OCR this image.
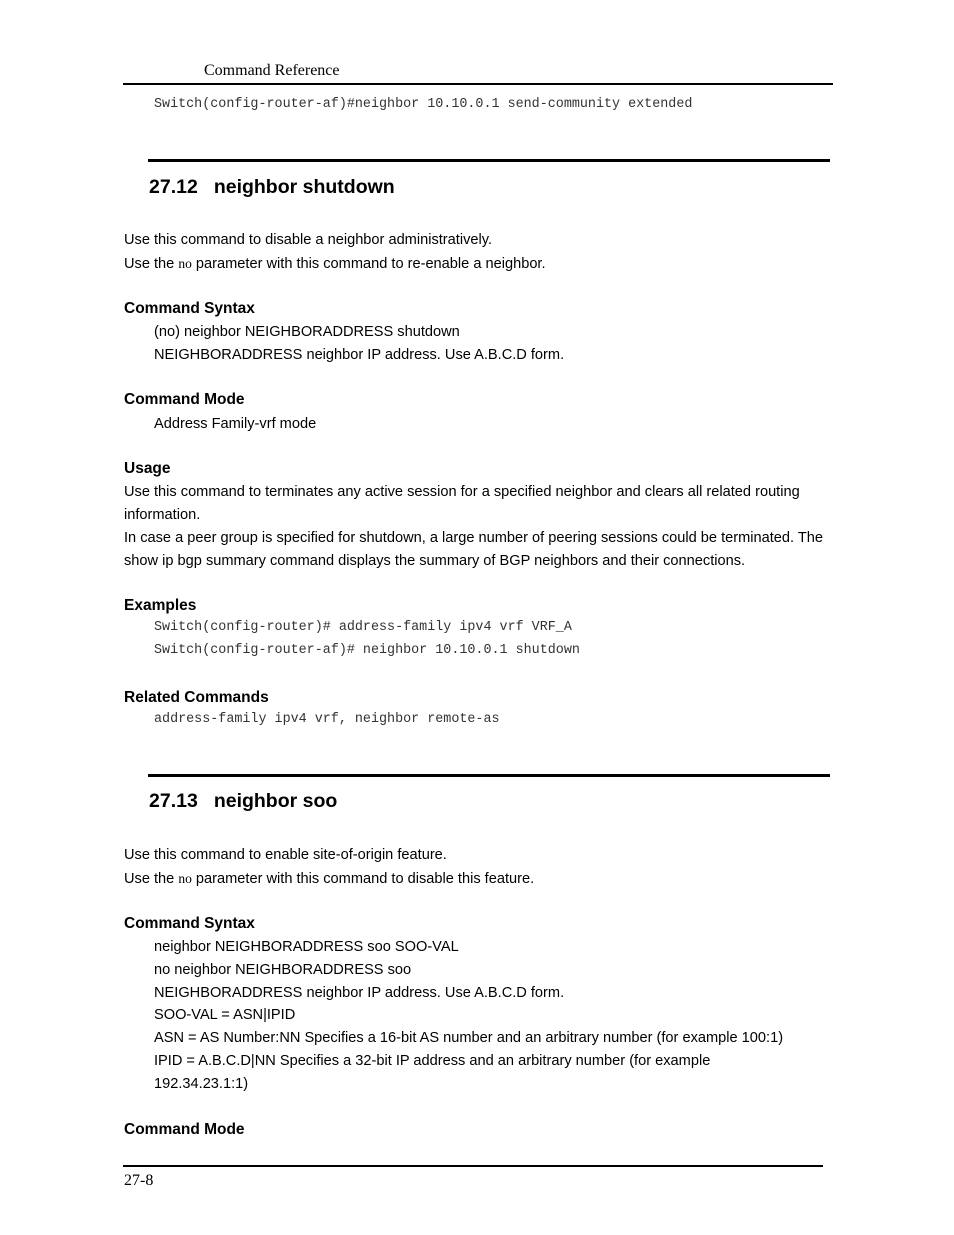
Command Reference
Switch(config-router-af)#neighbor 10.10.0.1 send-community extended
27.12 neighbor shutdown
Use this command to disable a neighbor administratively.
Use the no parameter with this command to re-enable a neighbor.
Command Syntax
(no) neighbor NEIGHBORADDRESS shutdown
NEIGHBORADDRESS neighbor IP address. Use A.B.C.D form.
Command Mode
Address Family-vrf mode
Usage
Use this command to terminates any active session for a specified neighbor and clears all related routing
information.
In case a peer group is specified for shutdown, a large number of peering sessions could be terminated. The
show ip bgp summary command displays the summary of BGP neighbors and their connections.
Examples
Switch(config-router)# address-family ipv4 vrf VRF_A
Switch(config-router-af)# neighbor 10.10.0.1 shutdown
Related Commands
address-family ipv4 vrf, neighbor remote-as
27.13 neighbor soo
Use this command to enable site-of-origin feature.
Use the no parameter with this command to disable this feature.
Command Syntax
neighbor NEIGHBORADDRESS soo SOO-VAL
no neighbor NEIGHBORADDRESS soo
NEIGHBORADDRESS neighbor IP address. Use A.B.C.D form.
SOO-VAL = ASN|IPID
ASN = AS Number:NN Specifies a 16-bit AS number and an arbitrary number (for example 100:1)
IPID = A.B.C.D|NN Specifies a 32-bit IP address and an arbitrary number (for example
192.34.23.1:1)
Command Mode
27-8
